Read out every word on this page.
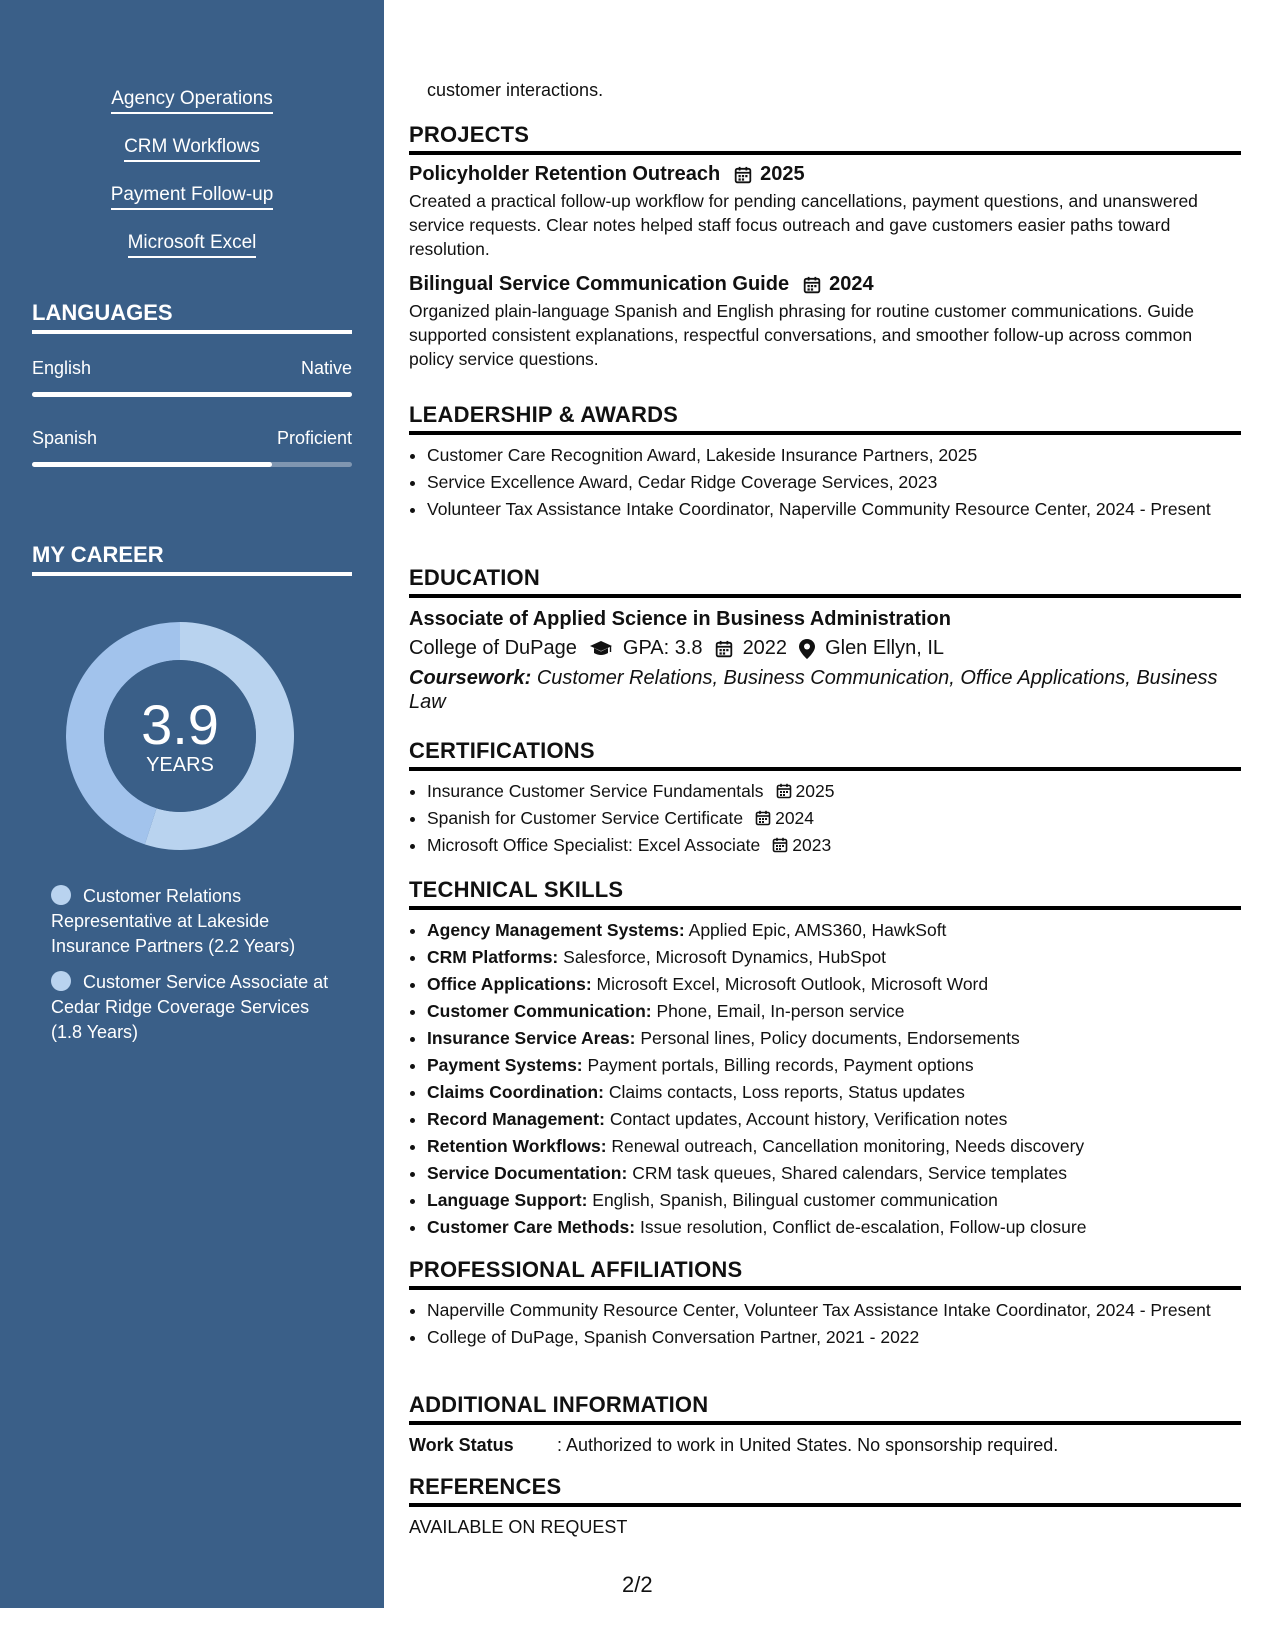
Agency Operations
CRM Workflows
Payment Follow-up
Microsoft Excel
LANGUAGES
English	Native
Spanish	Proficient
MY CAREER
3.9
YEARS
Customer Relations Representative at Lakeside Insurance Partners (2.2 Years)
Customer Service Associate at Cedar Ridge Coverage Services (1.8 Years)
customer interactions.
PROJECTS
Policyholder Retention Outreach 2025
Created a practical follow-up workflow for pending cancellations, payment questions, and unanswered service requests. Clear notes helped staff focus outreach and gave customers easier paths toward resolution.
Bilingual Service Communication Guide 2024
Organized plain-language Spanish and English phrasing for routine customer communications. Guide supported consistent explanations, respectful conversations, and smoother follow-up across common policy service questions.
LEADERSHIP & AWARDS
• Customer Care Recognition Award, Lakeside Insurance Partners, 2025
• Service Excellence Award, Cedar Ridge Coverage Services, 2023
• Volunteer Tax Assistance Intake Coordinator, Naperville Community Resource Center, 2024 - Present
EDUCATION
Associate of Applied Science in Business Administration
College of DuPage GPA: 3.8 2022 Glen Ellyn, IL
Coursework: Customer Relations, Business Communication, Office Applications, Business Law
CERTIFICATIONS
• Insurance Customer Service Fundamentals 2025
• Spanish for Customer Service Certificate 2024
• Microsoft Office Specialist: Excel Associate 2023
TECHNICAL SKILLS
• Agency Management Systems: Applied Epic, AMS360, HawkSoft
• CRM Platforms: Salesforce, Microsoft Dynamics, HubSpot
• Office Applications: Microsoft Excel, Microsoft Outlook, Microsoft Word
• Customer Communication: Phone, Email, In-person service
• Insurance Service Areas: Personal lines, Policy documents, Endorsements
• Payment Systems: Payment portals, Billing records, Payment options
• Claims Coordination: Claims contacts, Loss reports, Status updates
• Record Management: Contact updates, Account history, Verification notes
• Retention Workflows: Renewal outreach, Cancellation monitoring, Needs discovery
• Service Documentation: CRM task queues, Shared calendars, Service templates
• Language Support: English, Spanish, Bilingual customer communication
• Customer Care Methods: Issue resolution, Conflict de-escalation, Follow-up closure
PROFESSIONAL AFFILIATIONS
• Naperville Community Resource Center, Volunteer Tax Assistance Intake Coordinator, 2024 - Present
• College of DuPage, Spanish Conversation Partner, 2021 - 2022
ADDITIONAL INFORMATION
Work Status : Authorized to work in United States. No sponsorship required.
REFERENCES
AVAILABLE ON REQUEST
2/2
